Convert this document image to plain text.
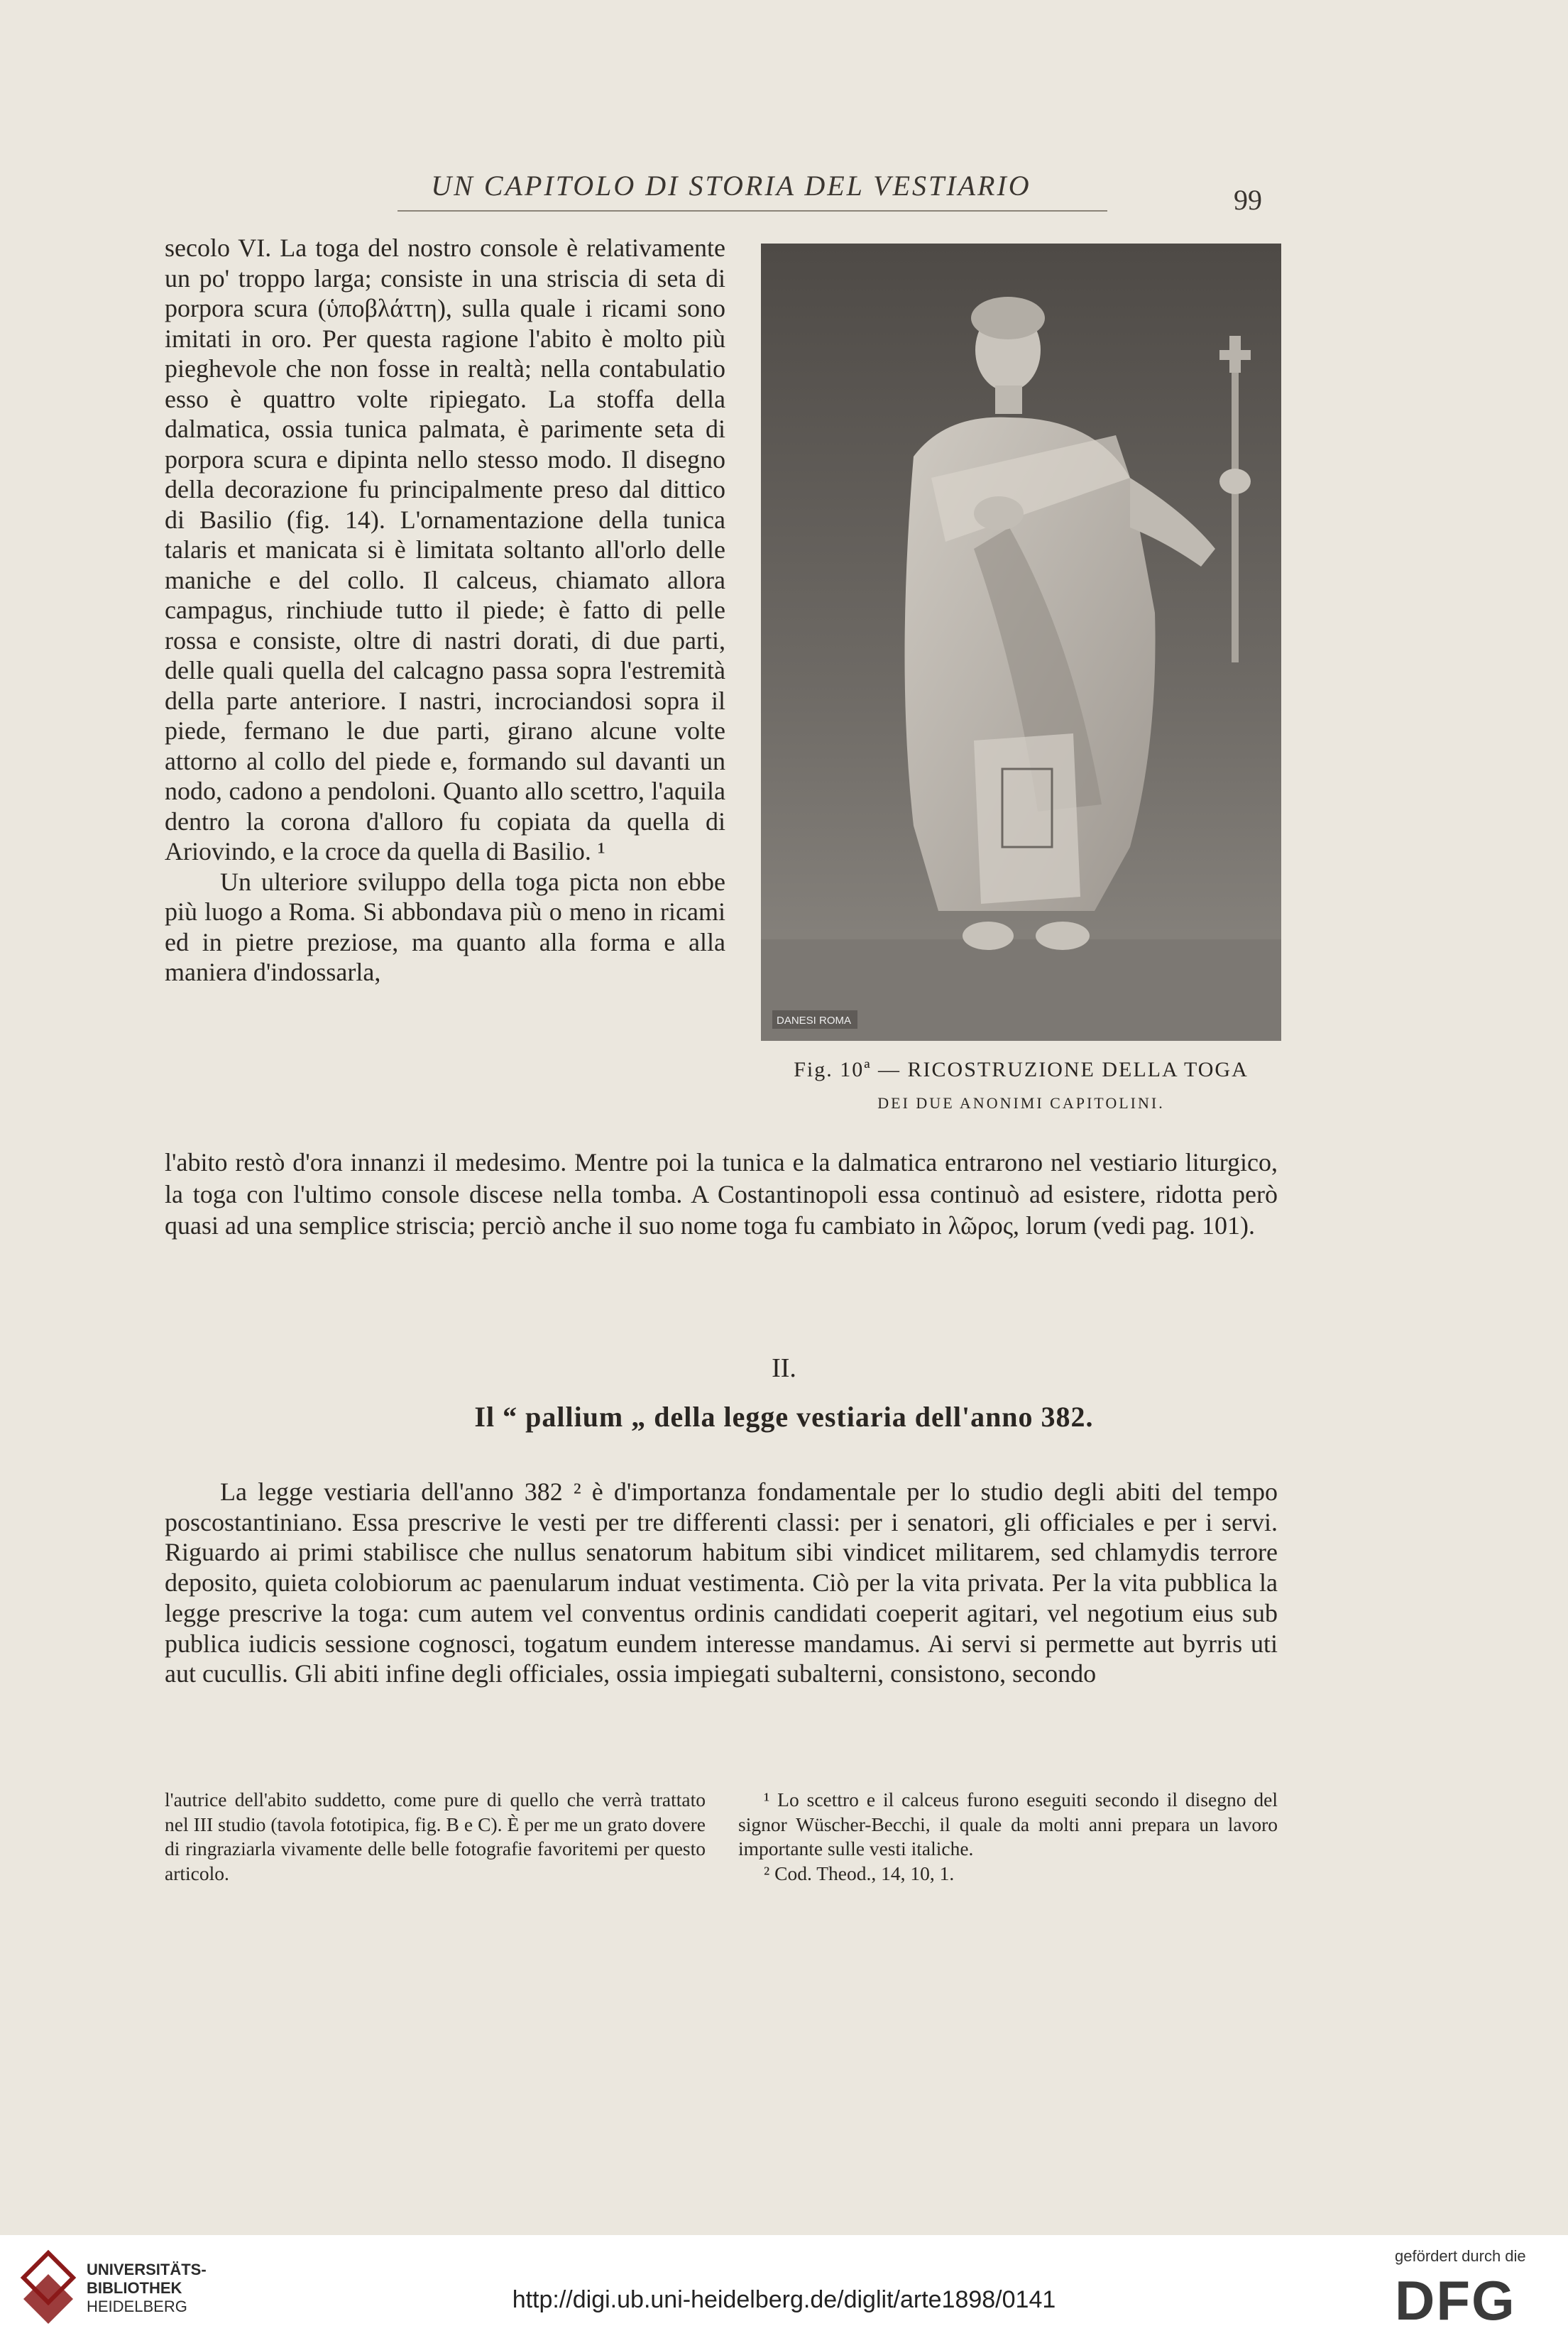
UN CAPITOLO DI STORIA DEL VESTIARIO	99

secolo VI. La toga del nostro console è relativamente un po' troppo larga; consiste in una striscia di seta di porpora scura (ὑποβλάττη), sulla quale i ricami sono imitati in oro. Per questa ragione l'abito è molto più pieghevole che non fosse in realtà; nella contabulatio esso è quattro volte ripiegato. La stoffa della dalmatica, ossia tunica palmata, è parimente seta di porpora scura e dipinta nello stesso modo. Il disegno della decorazione fu principalmente preso dal dittico di Basilio (fig. 14). L'ornamentazione della tunica talaris et manicata si è limitata soltanto all'orlo delle maniche e del collo. Il calceus, chiamato allora campagus, rinchiude tutto il piede; è fatto di pelle rossa e consiste, oltre di nastri dorati, di due parti, delle quali quella del calcagno passa sopra l'estremità della parte anteriore. I nastri, incrociandosi sopra il piede, fermano le due parti, girano alcune volte attorno al collo del piede e, formando sul davanti un nodo, cadono a pendoloni. Quanto allo scettro, l'aquila dentro la corona d'alloro fu copiata da quella di Ariovindo, e la croce da quella di Basilio. ¹

Un ulteriore sviluppo della toga picta non ebbe più luogo a Roma. Si abbondava più o meno in ricami ed in pietre preziose, ma quanto alla forma e alla maniera d'indossarla,

DANESI ROMA
Fig. 10ª — RICOSTRUZIONE DELLA TOGA
DEI DUE ANONIMI CAPITOLINI.

l'abito restò d'ora innanzi il medesimo. Mentre poi la tunica e la dalmatica entrarono nel vestiario liturgico, la toga con l'ultimo console discese nella tomba. A Costantinopoli essa continuò ad esistere, ridotta però quasi ad una semplice striscia; perciò anche il suo nome toga fu cambiato in λῶρος, lorum (vedi pag. 101).

II.
Il “ pallium „ della legge vestiaria dell'anno 382.

La legge vestiaria dell'anno 382 ² è d'importanza fondamentale per lo studio degli abiti del tempo poscostantiniano. Essa prescrive le vesti per tre differenti classi: per i senatori, gli officiales e per i servi. Riguardo ai primi stabilisce che nullus senatorum habitum sibi vindicet militarem, sed chlamydis terrore deposito, quieta colobiorum ac paenularum induat vestimenta. Ciò per la vita privata. Per la vita pubblica la legge prescrive la toga: cum autem vel conventus ordinis candidati coeperit agitari, vel negotium eius sub publica iudicis sessione cognosci, togatum eundem interesse mandamus. Ai servi si permette aut byrris uti aut cucullis. Gli abiti infine degli officiales, ossia impiegati subalterni, consistono, secondo

l'autrice dell'abito suddetto, come pure di quello che verrà trattato nel III studio (tavola fototipica, fig. B e C). È per me un grato dovere di ringraziarla vivamente delle belle fotografie favoritemi per questo articolo.

¹ Lo scettro e il calceus furono eseguiti secondo il disegno del signor Wüscher-Becchi, il quale da molti anni prepara un lavoro importante sulle vesti italiche.

² Cod. Theod., 14, 10, 1.

UNIVERSITÄTS-
BIBLIOTHEK
HEIDELBERG	http://digi.ub.uni-heidelberg.de/diglit/arte1898/0141
gefördert durch die
DFG
